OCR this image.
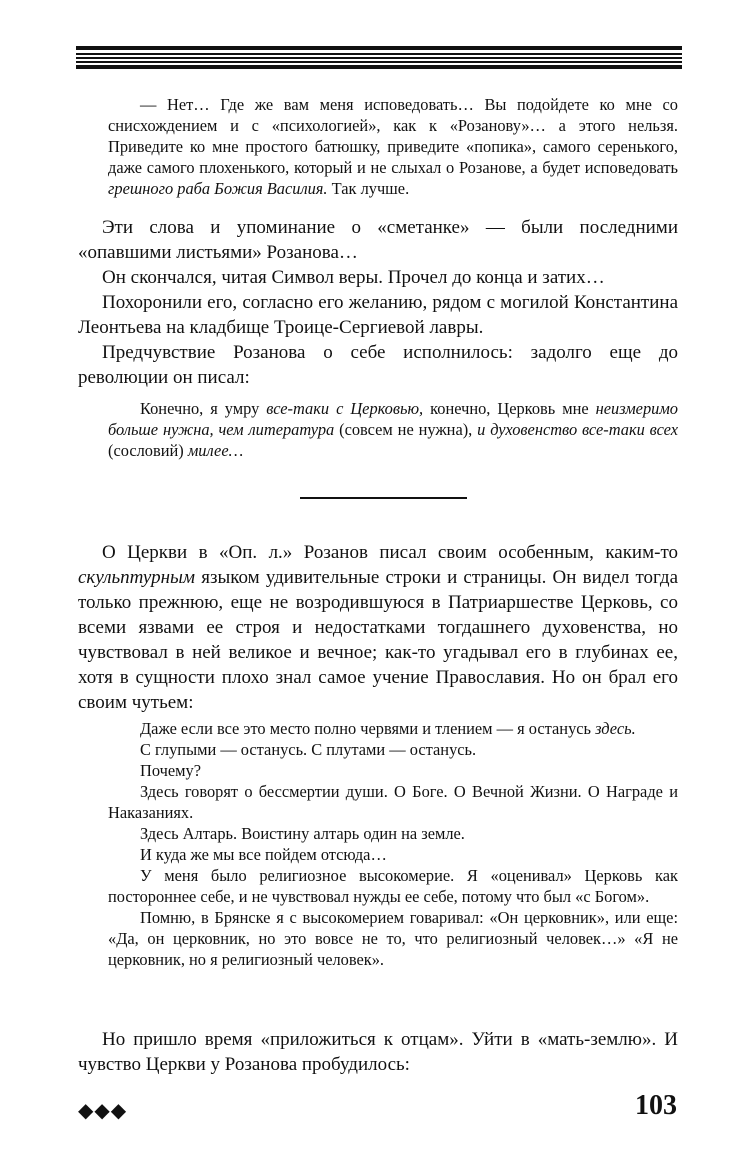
— Нет… Где же вам меня исповедовать… Вы подойдете ко мне со снисхождением и с «психологией», как к «Розанову»… а этого нельзя. Приведите ко мне простого батюшку, приведите «попика», самого серенького, даже самого плохенького, который и не слыхал о Розанове, а будет исповедовать грешного раба Божия Василия. Так лучше.

Эти слова и упоминание о «сметанке» — были последними «опавшими листьями» Розанова…

Он скончался, читая Символ веры. Прочел до конца и затих…

Похоронили его, согласно его желанию, рядом с могилой Константина Леонтьева на кладбище Троице-Сергиевой лавры.

Предчувствие Розанова о себе исполнилось: задолго еще до революции он писал:

Конечно, я умру все-таки с Церковью, конечно, Церковь мне неизмеримо больше нужна, чем литература (совсем не нужна), и духовенство все-таки всех (сословий) милее…

О Церкви в «Оп. л.» Розанов писал своим особенным, каким-то скульптурным языком удивительные строки и страницы. Он видел тогда только прежнюю, еще не возродившуюся в Патриаршестве Церковь, со всеми язвами ее строя и недостатками тогдашнего духовенства, но чувствовал в ней великое и вечное; как-то угадывал его в глубинах ее, хотя в сущности плохо знал самое учение Православия. Но он брал его своим чутьем:

Даже если все это место полно червями и тлением — я останусь здесь.

С глупыми — останусь. С плутами — останусь.

Почему?

Здесь говорят о бессмертии души. О Боге. О Вечной Жизни. О Награде и Наказаниях.

Здесь Алтарь. Воистину алтарь один на земле.

И куда же мы все пойдем отсюда…

У меня было религиозное высокомерие. Я «оценивал» Церковь как постороннее себе, и не чувствовал нужды ее себе, потому что был «с Богом».

Помню, в Брянске я с высокомерием говаривал: «Он церковник», или еще: «Да, он церковник, но это вовсе не то, что религиозный человек…» «Я не церковник, но я религиозный человек».

Но пришло время «приложиться к отцам». Уйти в «мать-землю». И чувство Церкви у Розанова пробудилось:

◆◆◆	103
